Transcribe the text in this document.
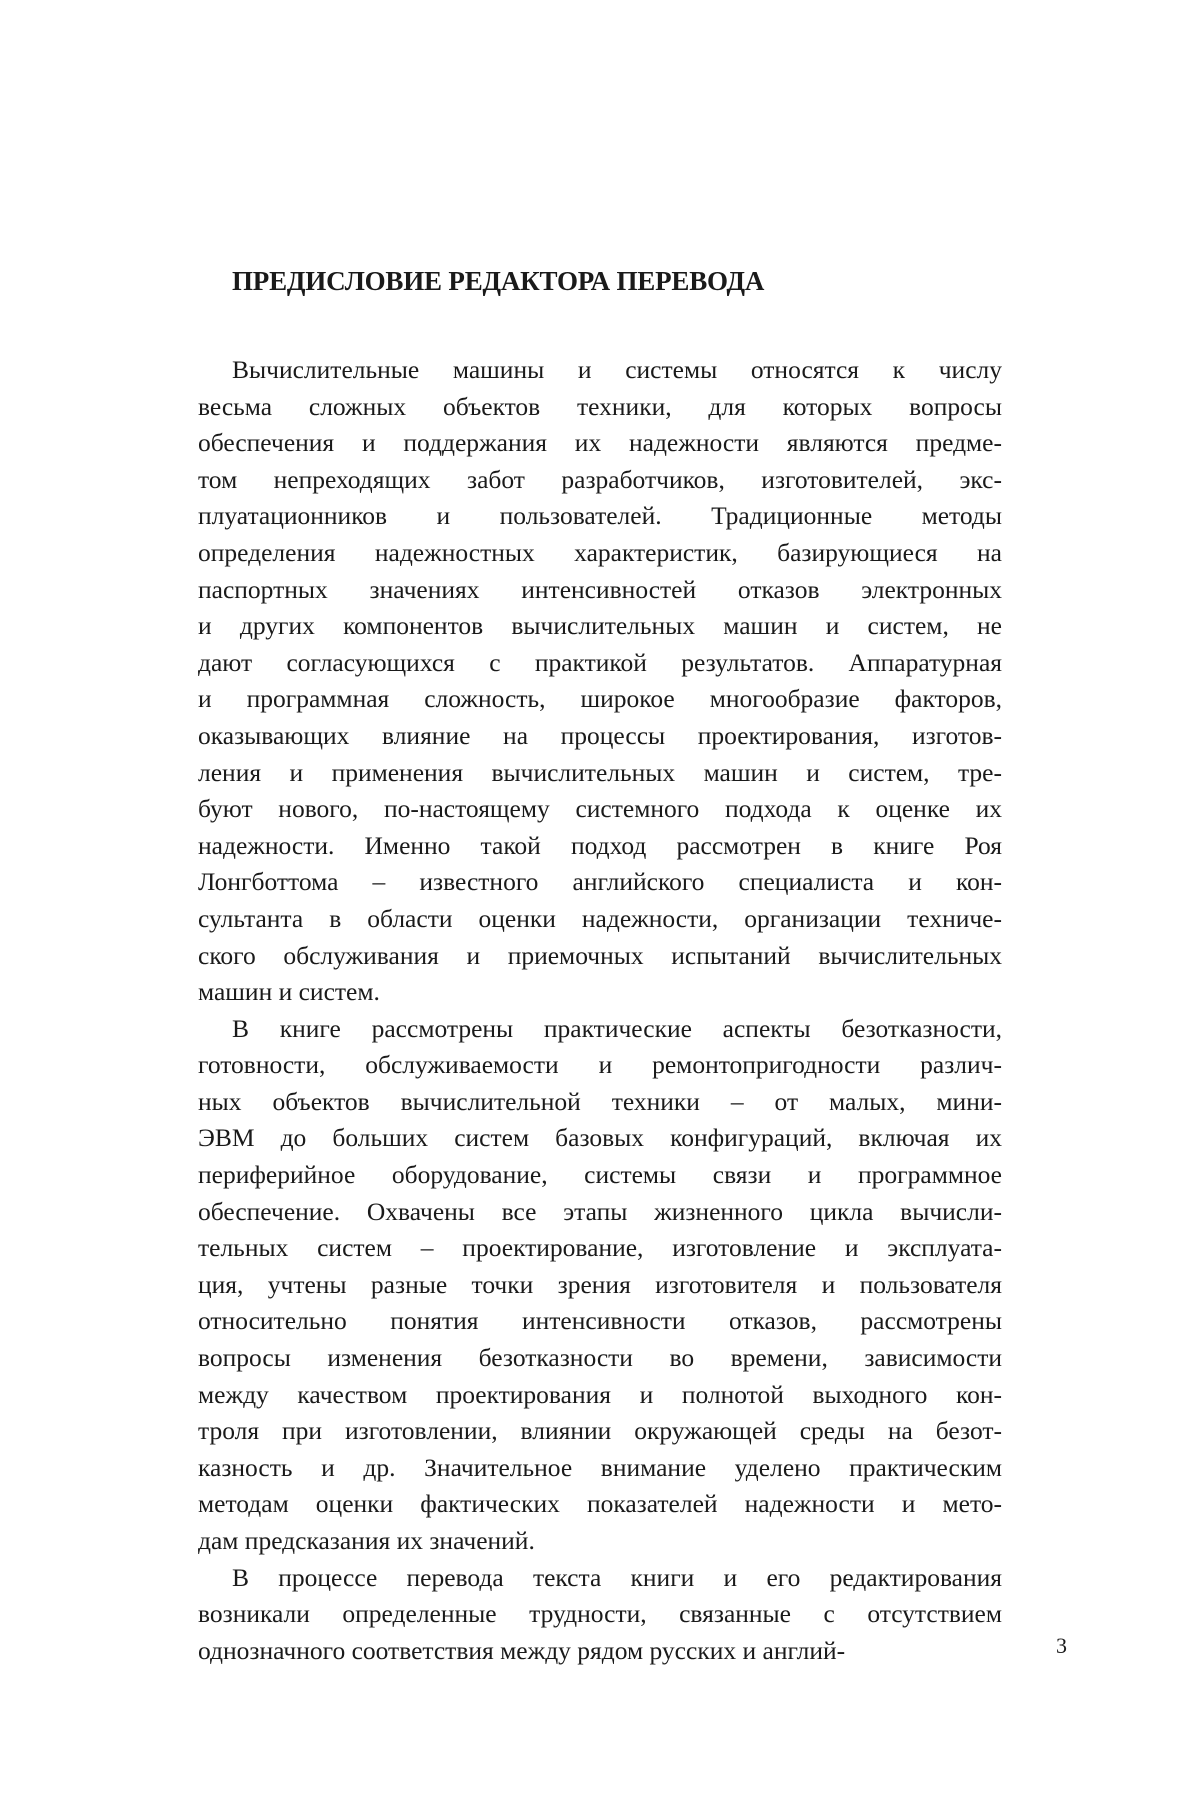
ПРЕДИСЛОВИЕ РЕДАКТОРА ПЕРЕВОДА
Вычислительные машины и системы относятся к числу
весьма сложных объектов техники, для которых вопросы
обеспечения и поддержания их надежности являются предме-
том непреходящих забот разработчиков, изготовителей, экс-
плуатационников и пользователей. Традиционные методы
определения надежностных характеристик, базирующиеся на
паспортных значениях интенсивностей отказов электронных
и других компонентов вычислительных машин и систем, не
дают согласующихся с практикой результатов. Аппаратурная
и программная сложность, широкое многообразие факторов,
оказывающих влияние на процессы проектирования, изготов-
ления и применения вычислительных машин и систем, тре-
буют нового, по-настоящему системного подхода к оценке их
надежности. Именно такой подход рассмотрен в книге Роя
Лонгботтома – известного английского специалиста и кон-
сультанта в области оценки надежности, организации техниче-
ского обслуживания и приемочных испытаний вычислительных
машин и систем.
В книге рассмотрены практические аспекты безотказности,
готовности, обслуживаемости и ремонтопригодности различ-
ных объектов вычислительной техники – от малых, мини-
ЭВМ до больших систем базовых конфигураций, включая их
периферийное оборудование, системы связи и программное
обеспечение. Охвачены все этапы жизненного цикла вычисли-
тельных систем – проектирование, изготовление и эксплуата-
ция, учтены разные точки зрения изготовителя и пользователя
относительно понятия интенсивности отказов, рассмотрены
вопросы изменения безотказности во времени, зависимости
между качеством проектирования и полнотой выходного кон-
троля при изготовлении, влиянии окружающей среды на безот-
казность и др. Значительное внимание уделено практическим
методам оценки фактических показателей надежности и мето-
дам предсказания их значений.
В процессе перевода текста книги и его редактирования
возникали определенные трудности, связанные с отсутствием
однозначного соответствия между рядом русских и англий-	3
